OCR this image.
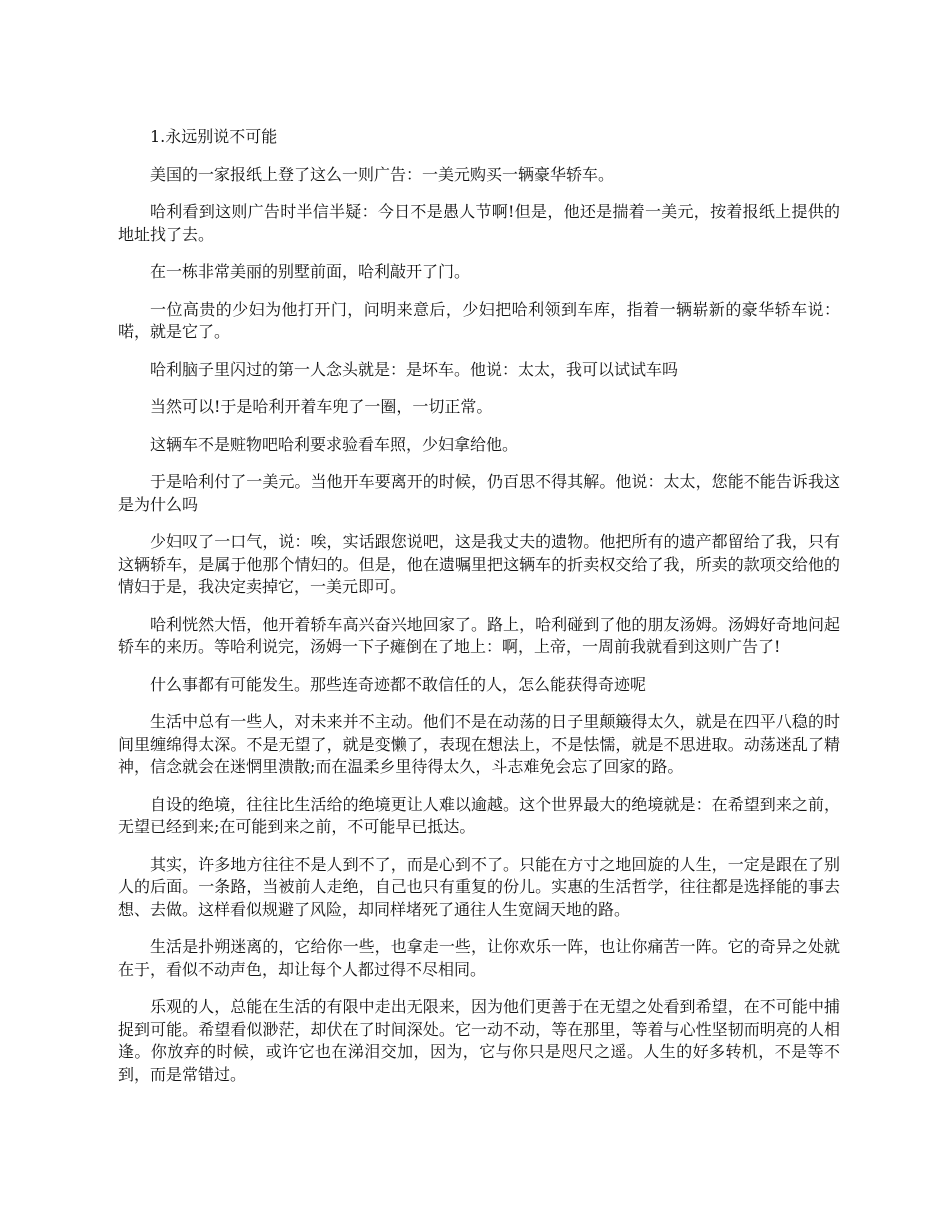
1.永远别说不可能

美国的一家报纸上登了这么一则广告：一美元购买一辆豪华轿车。

哈利看到这则广告时半信半疑：今日不是愚人节啊!但是，他还是揣着一美元，按着报纸上提供的地址找了去。

在一栋非常美丽的别墅前面，哈利敲开了门。

一位高贵的少妇为他打开门，问明来意后，少妇把哈利领到车库，指着一辆崭新的豪华轿车说：喏，就是它了。

哈利脑子里闪过的第一人念头就是：是坏车。他说：太太，我可以试试车吗

当然可以!于是哈利开着车兜了一圈，一切正常。

这辆车不是赃物吧哈利要求验看车照，少妇拿给他。

于是哈利付了一美元。当他开车要离开的时候，仍百思不得其解。他说：太太，您能不能告诉我这是为什么吗

少妇叹了一口气，说：唉，实话跟您说吧，这是我丈夫的遗物。他把所有的遗产都留给了我，只有这辆轿车，是属于他那个情妇的。但是，他在遗嘱里把这辆车的折卖权交给了我，所卖的款项交给他的情妇于是，我决定卖掉它，一美元即可。

哈利恍然大悟，他开着轿车高兴奋兴地回家了。路上，哈利碰到了他的朋友汤姆。汤姆好奇地问起轿车的来历。等哈利说完，汤姆一下子瘫倒在了地上：啊，上帝，一周前我就看到这则广告了!

什么事都有可能发生。那些连奇迹都不敢信任的人，怎么能获得奇迹呢

生活中总有一些人，对未来并不主动。他们不是在动荡的日子里颠簸得太久，就是在四平八稳的时间里缠绵得太深。不是无望了，就是变懒了，表现在想法上，不是怯懦，就是不思进取。动荡迷乱了精神，信念就会在迷惘里溃散;而在温柔乡里待得太久，斗志难免会忘了回家的路。

自设的绝境，往往比生活给的绝境更让人难以逾越。这个世界最大的绝境就是：在希望到来之前，无望已经到来;在可能到来之前，不可能早已抵达。

其实，许多地方往往不是人到不了，而是心到不了。只能在方寸之地回旋的人生，一定是跟在了别人的后面。一条路，当被前人走绝，自己也只有重复的份儿。实惠的生活哲学，往往都是选择能的事去想、去做。这样看似规避了风险，却同样堵死了通往人生宽阔天地的路。

生活是扑朔迷离的，它给你一些，也拿走一些，让你欢乐一阵，也让你痛苦一阵。它的奇异之处就在于，看似不动声色，却让每个人都过得不尽相同。

乐观的人，总能在生活的有限中走出无限来，因为他们更善于在无望之处看到希望，在不可能中捕捉到可能。希望看似渺茫，却伏在了时间深处。它一动不动，等在那里，等着与心性坚韧而明亮的人相逢。你放弃的时候，或许它也在涕泪交加，因为，它与你只是咫尺之遥。人生的好多转机，不是等不到，而是常错过。
